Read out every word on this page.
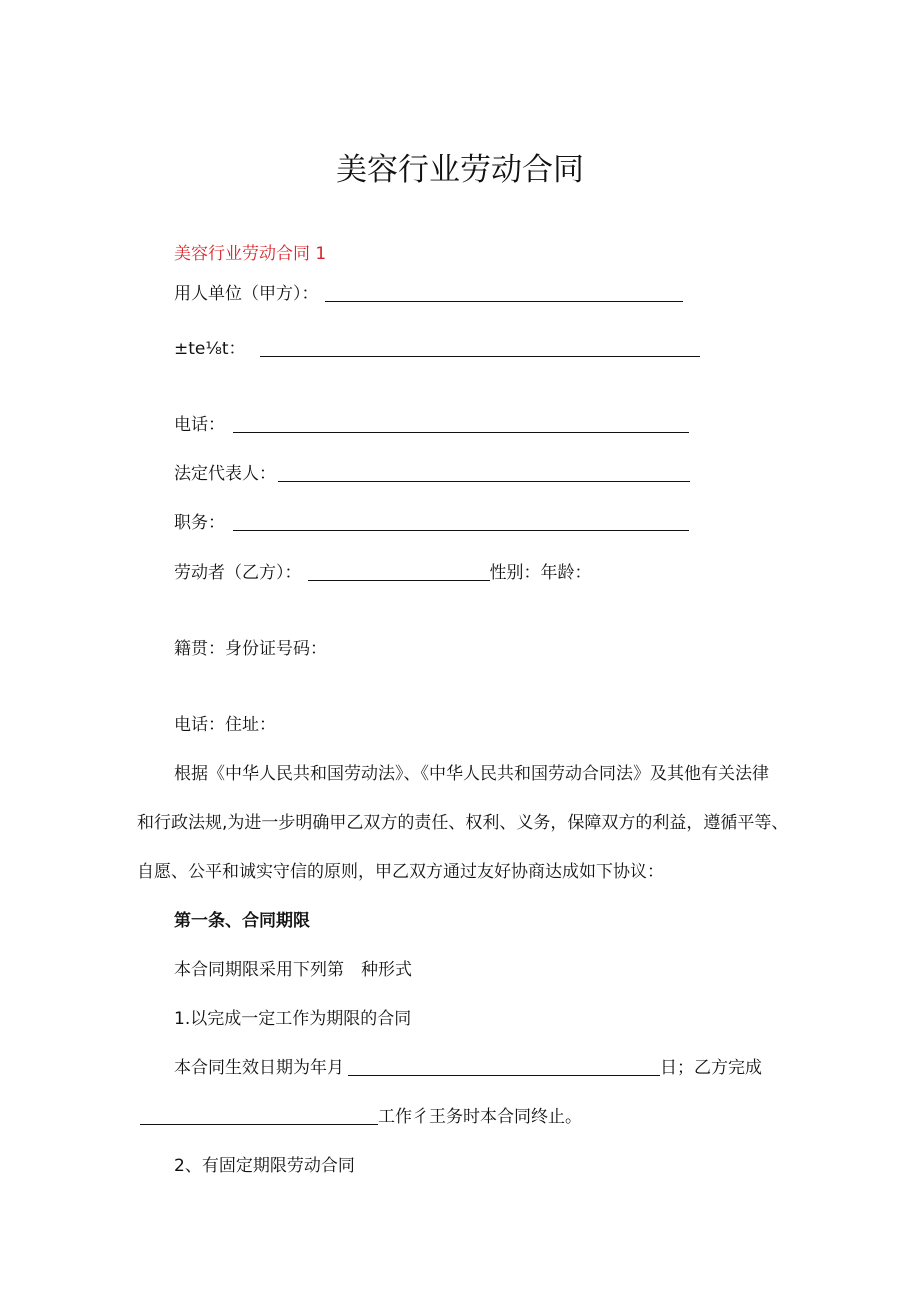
美容行业劳动合同
美容行业劳动合同 1
用人单位（甲方）：
±te⅛t：
电话：
法定代表人：
职务：
劳动者（乙方）：	性别：年龄：
籍贯：身份证号码：
电话：住址：
根据《中华人民共和国劳动法》、《中华人民共和国劳动合同法》及其他有关法律
和行政法规,为进一步明确甲乙双方的责任、权利、义务，保障双方的利益，遵循平等、
自愿、公平和诚实守信的原则，甲乙双方通过友好协商达成如下协议：
第一条、合同期限
本合同期限采用下列第　种形式
1.以完成一定工作为期限的合同
本合同生效日期为年月	日；乙方完成
工作彳王务时本合同终止。
2、有固定期限劳动合同
